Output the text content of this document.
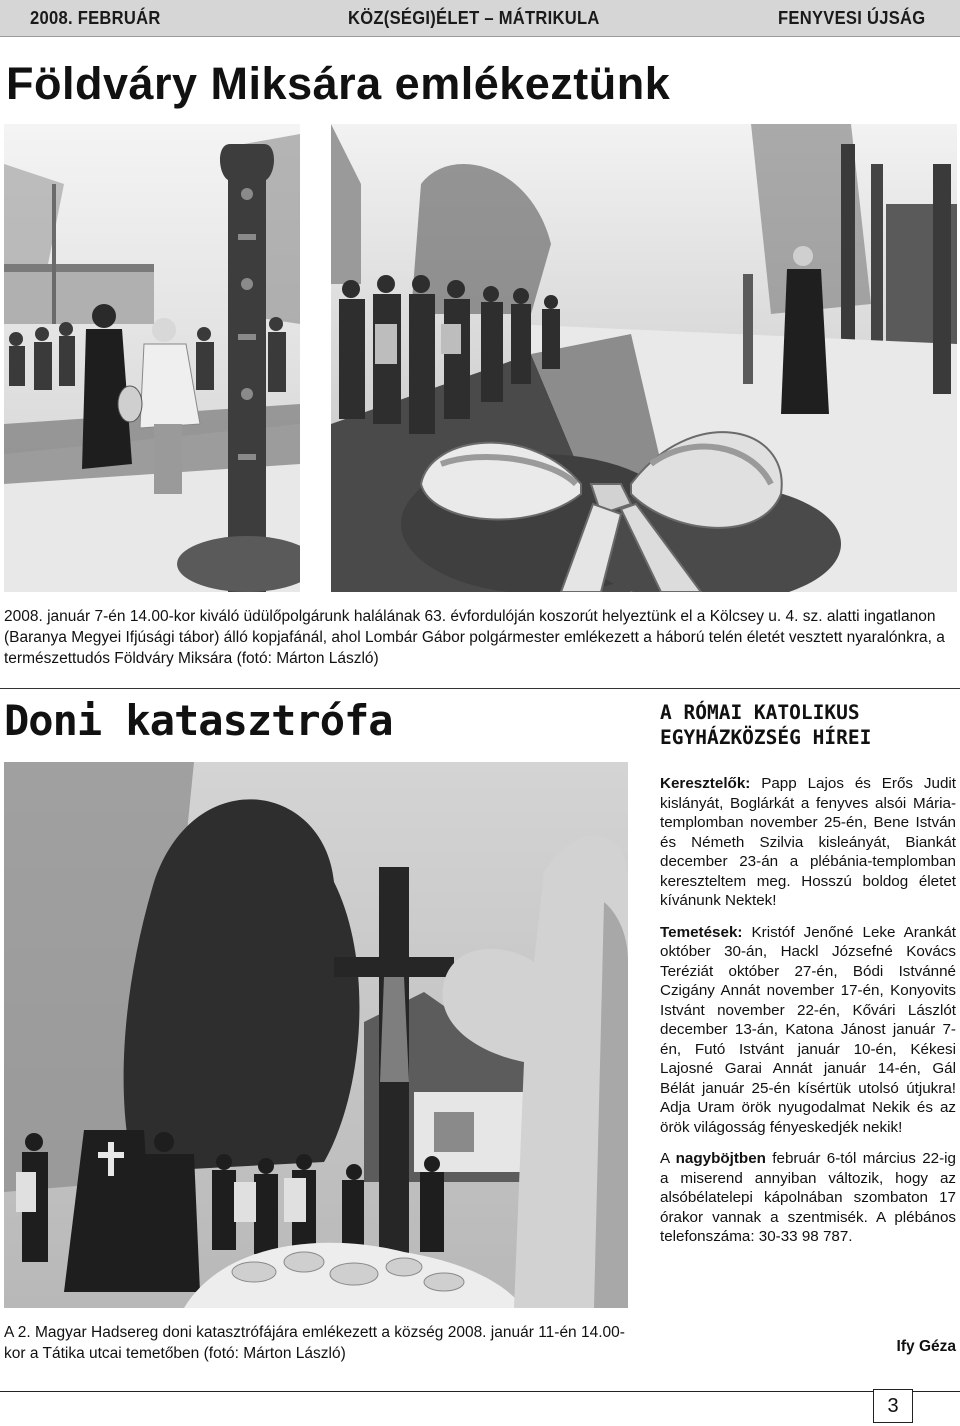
2008. FEBRUÁR	KÖZ(SÉGI)ÉLET – MÁTRIKULA	FENYVESI ÚJSÁG
Földváry Miksára emlékeztünk

2008. január 7-én 14.00-kor kiváló üdülőpolgárunk halálának 63. évfordulóján koszorút helyeztünk el a Kölcsey u. 4. sz. alatti ingatlanon (Baranya Megyei Ifjúsági tábor) álló kopjafánál, ahol Lombár Gábor polgármester emlékezett a háború telén életét vesztett nyaralónkra, a természettudós Földváry Miksára (fotó: Márton László)

Doni katasztrófa

A 2. Magyar Hadsereg doni katasztrófájára emlékezett a község 2008. január 11-én 14.00-kor a Tátika utcai temetőben (fotó: Márton László)

A RÓMAI KATOLIKUS
EGYHÁZKÖZSÉG HÍREI

Keresztelők: Papp Lajos és Erős Judit kislányát, Boglárkát a fenyves alsói Mária-templomban november 25-én, Bene István és Németh Szilvia kisleányát, Biankát december 23-án a plébánia-templomban kereszteltem meg. Hosszú boldog életet kívánunk Nektek!

Temetések: Kristóf Jenőné Leke Arankát október 30-án, Hackl Józsefné Kovács Teréziát október 27-én, Bódi Istvánné Czigány Annát november 17-én, Konyovits Istvánt november 22-én, Kővári Lászlót december 13-án, Katona Jánost január 7-én, Futó Istvánt január 10-én, Kékesi Lajosné Garai Annát január 14-én, Gál Bélát január 25-én kísértük utolsó útjukra! Adja Uram örök nyugodalmat Nekik és az örök világosság fényeskedjék nekik!

A nagyböjtben február 6-tól március 22-ig a miserend annyiban változik, hogy az alsóbélatelepi kápolnában szombaton 17 órakor vannak a szentmisék. A plébános telefonszáma: 30-33 98 787.

Ify Géza
3
